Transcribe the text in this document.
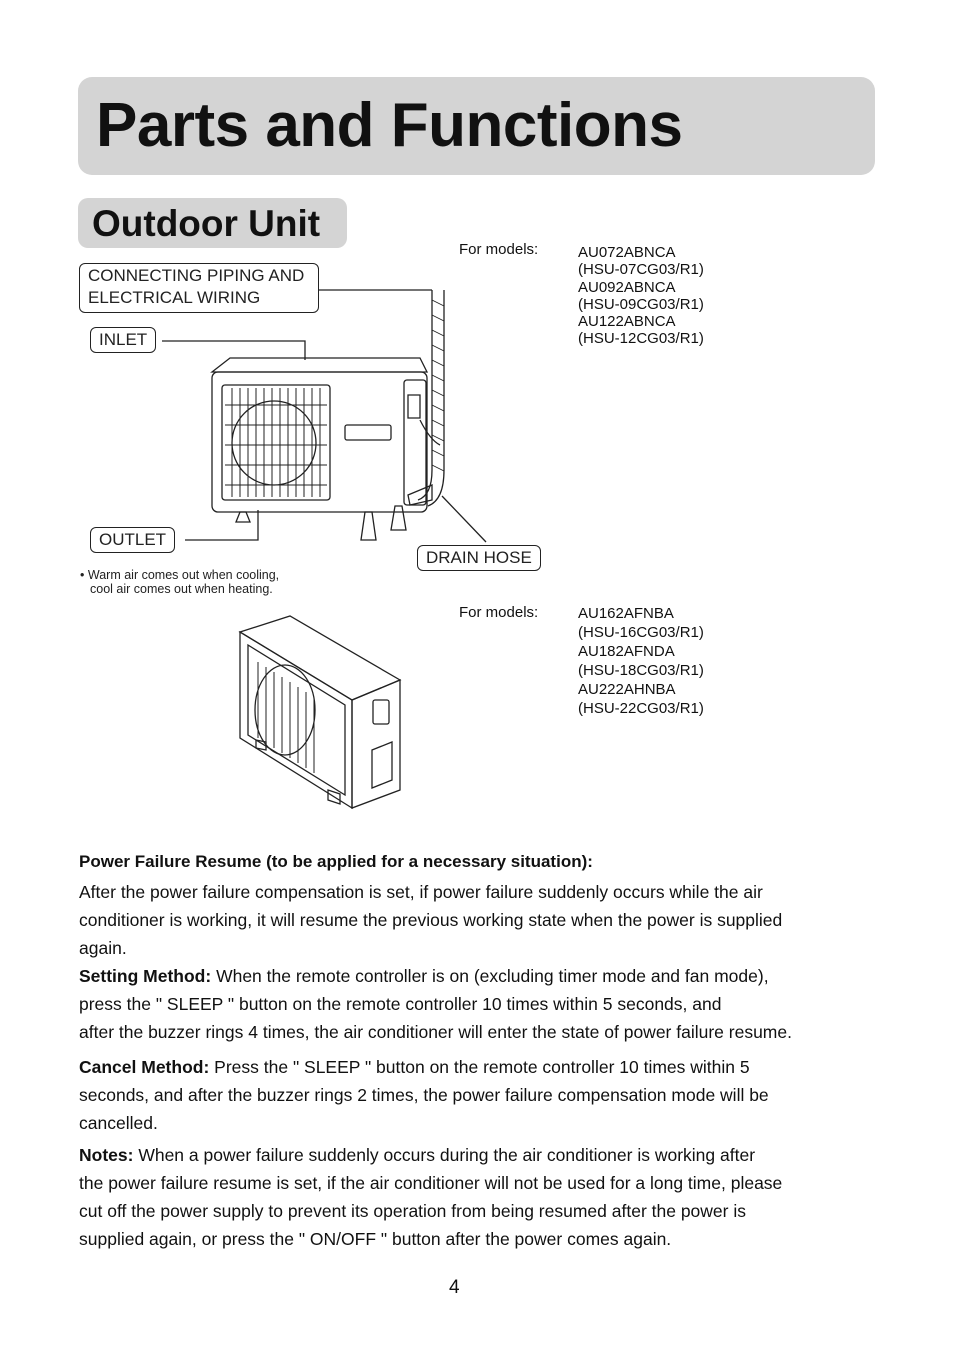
Parts and Functions
Outdoor Unit
CONNECTING PIPING AND
ELECTRICAL WIRING
INLET
OUTLET
DRAIN HOSE
• Warm air comes out when cooling,
cool air comes out when heating.
For models:	AU072ABNCA
(HSU-07CG03/R1)
AU092ABNCA
(HSU-09CG03/R1)
AU122ABNCA
(HSU-12CG03/R1)
For models:	AU162AFNBA
(HSU-16CG03/R1)
AU182AFNDA
(HSU-18CG03/R1)
AU222AHNBA
(HSU-22CG03/R1)
Power Failure Resume (to be applied for a necessary situation):
After the power failure compensation is set, if power failure suddenly occurs while the air
conditioner is working, it will resume the previous working state when the power is supplied
again.
Setting Method: When the remote controller is on (excluding timer mode and fan mode),
press the " SLEEP " button on the remote controller 10 times within 5 seconds, and
after the buzzer rings 4 times, the air conditioner will enter the state of power failure resume.
Cancel Method: Press the " SLEEP " button on the remote controller 10 times within 5
seconds, and after the buzzer rings 2 times, the power failure compensation mode will be
cancelled.
Notes: When a power failure suddenly occurs during the air conditioner is working after
the power failure resume is set, if the air conditioner will not be used for a long time, please
cut off the power supply to prevent its operation from being resumed after the power is
supplied again, or press the " ON/OFF " button after the power comes again.
4
